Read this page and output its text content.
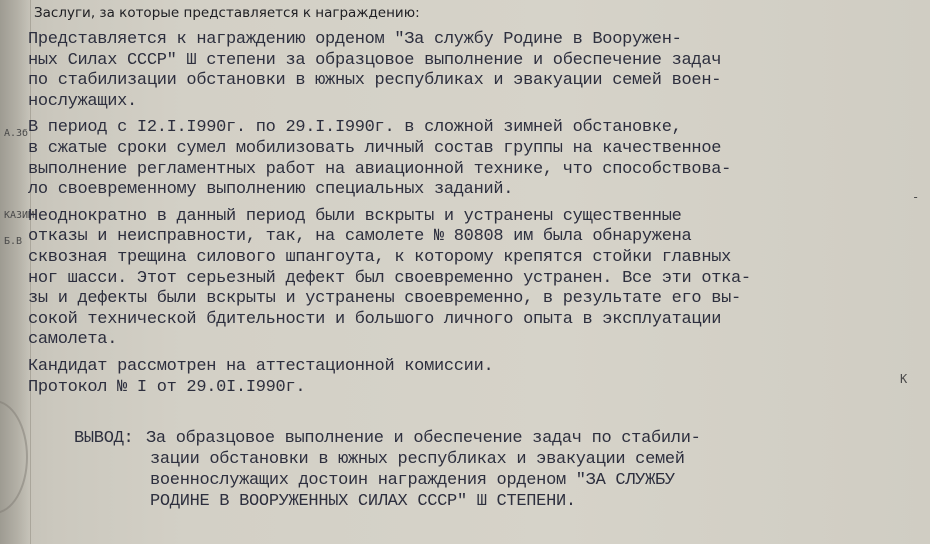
А.Зб
КАЗИМ
Б.В
-
К
Заслуги, за которые представляется к награждению:
Представляется к награждению орденом "За службу Родине в Вооружен-
ных Силах СССР" Ш степени за образцовое выполнение и обеспечение задач
по стабилизации обстановки в южных республиках и эвакуации семей воен-
нослужащих.
В период с I2.I.I990г. по 29.I.I990г. в сложной зимней обстановке,
в сжатые сроки сумел мобилизовать личный состав группы на качественное
выполнение регламентных работ на авиационной технике, что способствова-
ло своевременному выполнению специальных заданий.
Неоднократно в данный период были вскрыты и устранены существенные
отказы и неисправности, так, на самолете № 80808 им была обнаружена
сквозная трещина силового шпангоута, к которому крепятся стойки главных
ног шасси. Этот серьезный дефект был своевременно устранен. Все эти отка-
зы и дефекты были вскрыты и устранены своевременно, в результате его вы-
сокой технической бдительности и большого личного опыта в эксплуатации
самолета.
Кандидат рассмотрен на аттестационной комиссии.
Протокол № I от 29.0I.I990г.
ВЫВОД: За образцовое выполнение и обеспечение задач по стабили-
зации обстановки в южных республиках и эвакуации семей
военнослужащих достоин награждения орденом "ЗА СЛУЖБУ
РОДИНЕ В ВООРУЖЕННЫХ СИЛАХ СССР" Ш СТЕПЕНИ.
